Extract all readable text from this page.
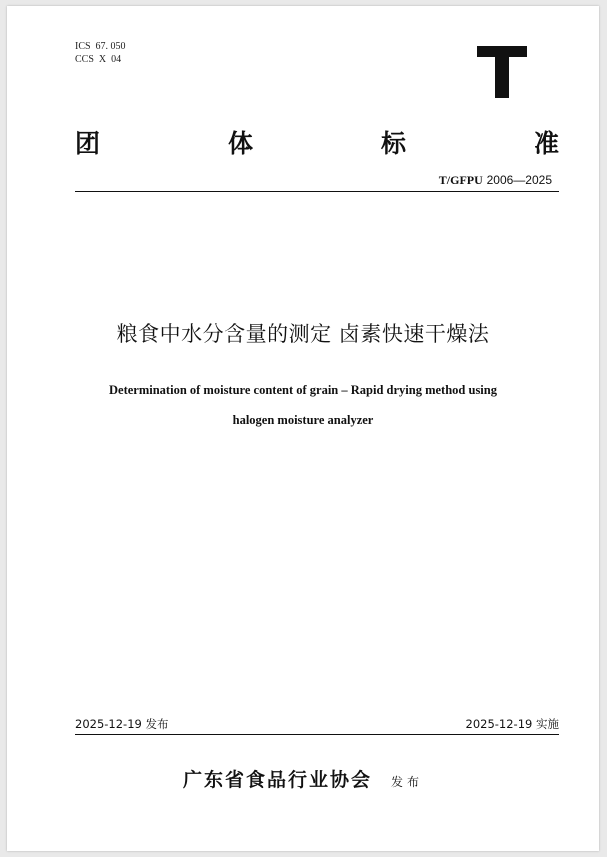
ICS  67. 050
CCS  X  04
团	体	标	准
T/GFPU 2006—2025
粮食中水分含量的测定 卤素快速干燥法
Determination of moisture content of grain – Rapid drying method using
halogen moisture analyzer
2025-12-19 发布	2025-12-19 实施
广东省食品行业协会 发布
